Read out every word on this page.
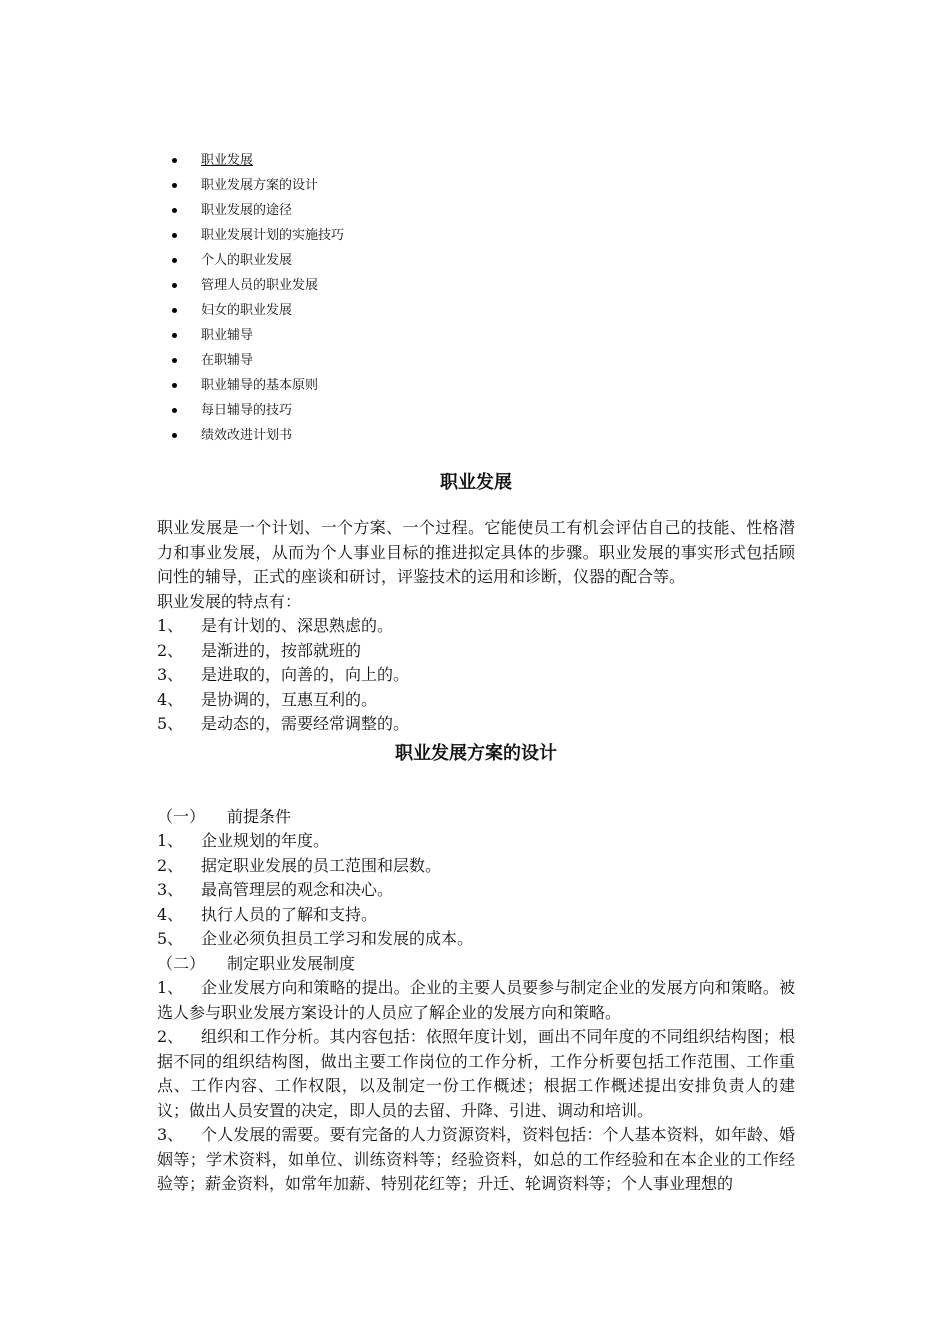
职业发展
职业发展方案的设计
职业发展的途径
职业发展计划的实施技巧
个人的职业发展
管理人员的职业发展
妇女的职业发展
职业辅导
在职辅导
职业辅导的基本原则
每日辅导的技巧
绩效改进计划书
职业发展

职业发展是一个计划、一个方案、一个过程。它能使员工有机会评估自己的技能、性格潜力和事业发展，从而为个人事业目标的推进拟定具体的步骤。职业发展的事实形式包括顾问性的辅导，正式的座谈和研讨，评鉴技术的运用和诊断，仪器的配合等。

职业发展的特点有：

1、 是有计划的、深思熟虑的。

2、 是渐进的，按部就班的

3、 是进取的，向善的，向上的。

4、 是协调的，互惠互利的。

5、 是动态的，需要经常调整的。

职业发展方案的设计

（一） 前提条件

1、 企业规划的年度。

2、 据定职业发展的员工范围和层数。

3、 最高管理层的观念和决心。

4、 执行人员的了解和支持。

5、 企业必须负担员工学习和发展的成本。

（二） 制定职业发展制度

1、 企业发展方向和策略的提出。企业的主要人员要参与制定企业的发展方向和策略。被选人参与职业发展方案设计的人员应了解企业的发展方向和策略。

2、 组织和工作分析。其内容包括：依照年度计划，画出不同年度的不同组织结构图；根据不同的组织结构图，做出主要工作岗位的工作分析，工作分析要包括工作范围、工作重点、工作内容、工作权限，以及制定一份工作概述；根据工作概述提出安排负责人的建议；做出人员安置的决定，即人员的去留、升降、引进、调动和培训。

3、 个人发展的需要。要有完备的人力资源资料，资料包括：个人基本资料，如年龄、婚姻等；学术资料，如单位、训练资料等；经验资料，如总的工作经验和在本企业的工作经验等；薪金资料，如常年加薪、特别花红等；升迁、轮调资料等；个人事业理想的
